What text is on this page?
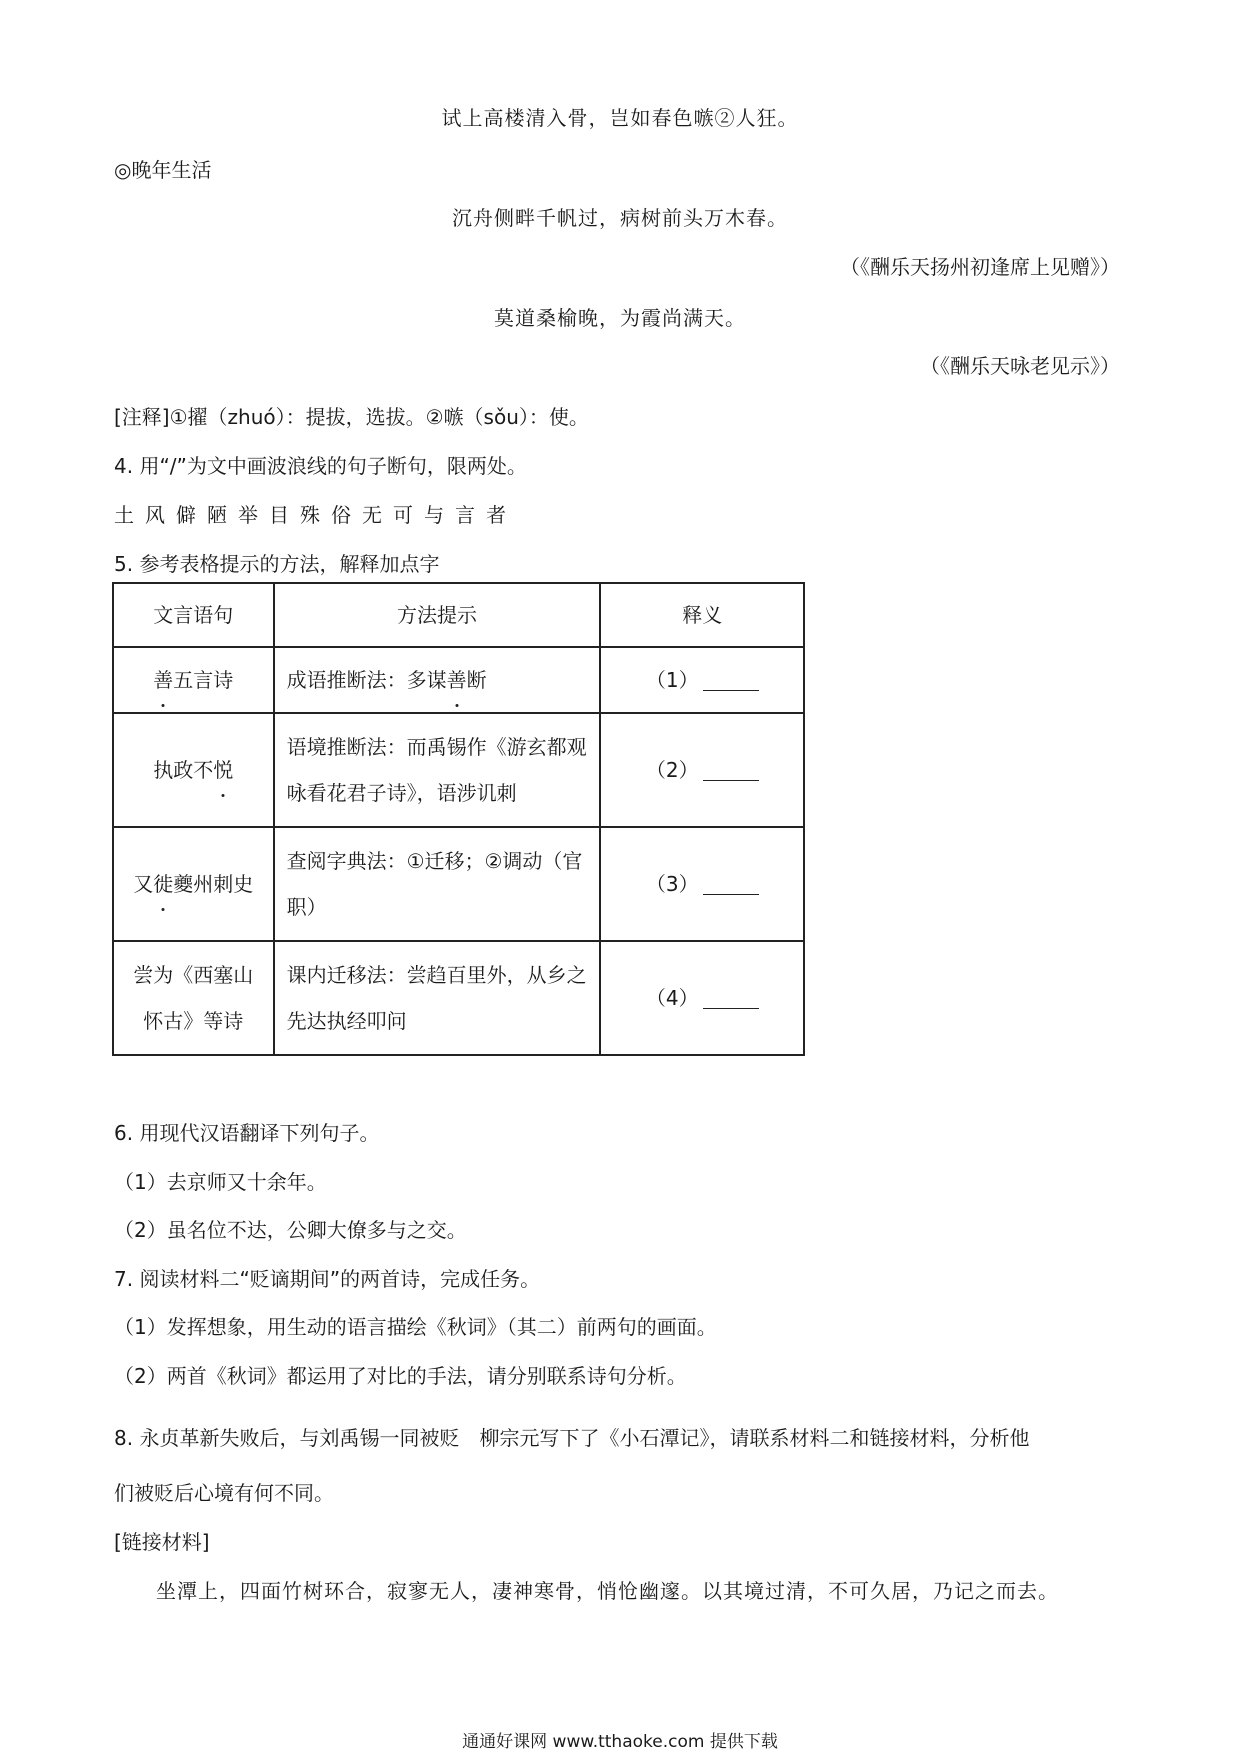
试上高楼清入骨，岂如春色嗾②人狂。
◎晚年生活
沉舟侧畔千帆过，病树前头万木春。
（《酬乐天扬州初逢席上见赠》）
莫道桑榆晚，为霞尚满天。
（《酬乐天咏老见示》）
[注释]①擢（zhuó）：提拔，选拔。②嗾（sǒu）：使。
4. 用“/”为文中画波浪线的句子断句，限两处。
土风僻陋举目殊俗无可与言者
5. 参考表格提示的方法，解释加点字
文言语句	方法提示	释义
善五言诗	成语推断法：多谋善断	（1）
执政不悦	语境推断法：而禹锡作《游玄都观咏看花君子诗》，语涉讥刺	（2）
又徙夔州刺史	查阅字典法：①迁移；②调动（官职）	（3）
尝为《西塞山怀古》等诗	课内迁移法：尝趋百里外，从乡之先达执经叩问	（4）
6. 用现代汉语翻译下列句子。
（1）去京师又十余年。
（2）虽名位不达，公卿大僚多与之交。
7. 阅读材料二“贬谪期间”的两首诗，完成任务。
（1）发挥想象，用生动的语言描绘《秋词》（其二）前两句的画面。
（2）两首《秋词》都运用了对比的手法，请分别联系诗句分析。
8. 永贞革新失败后，与刘禹锡一同被贬　柳宗元写下了《小石潭记》，请联系材料二和链接材料，分析他
们被贬后心境有何不同。
[链接材料]
坐潭上，四面竹树环合，寂寥无人，凄神寒骨，悄怆幽邃。以其境过清，不可久居，乃记之而去。
通通好课网 www.tthaoke.com 提供下载
